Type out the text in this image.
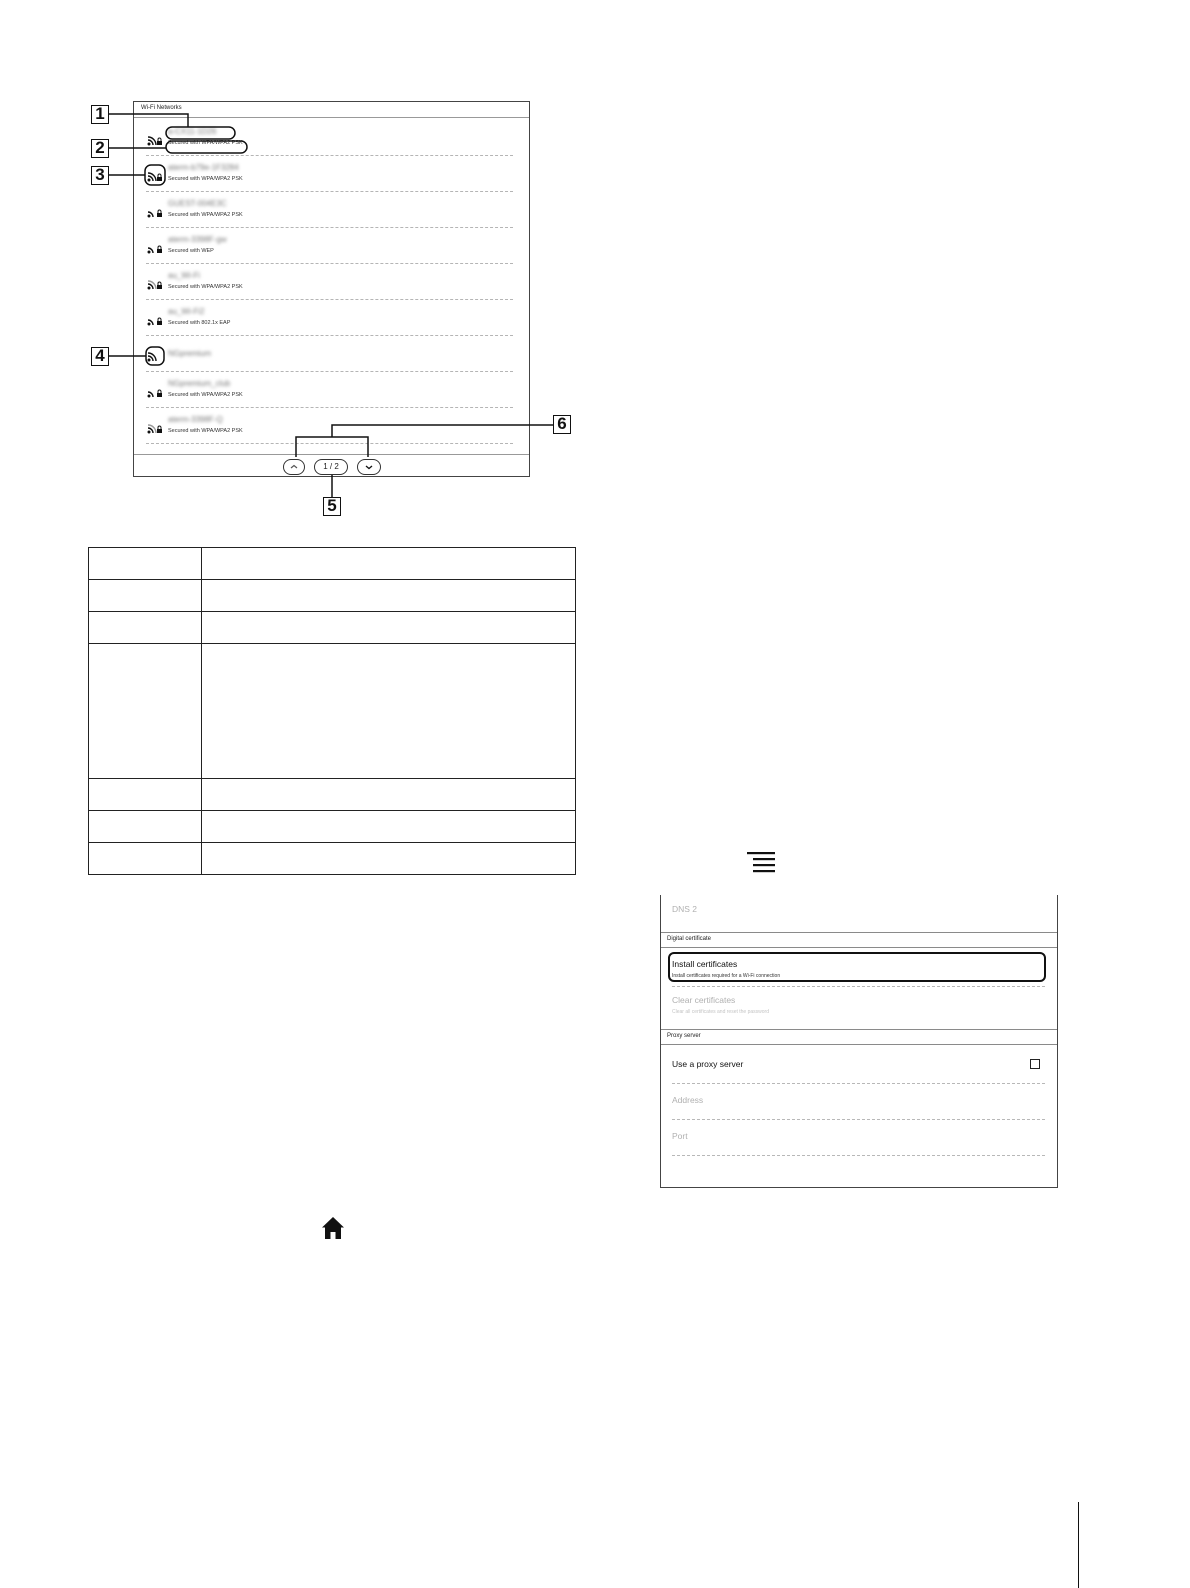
Wi-Fi Networks
a-CX11-1D26
Secured with WPA/WPA2 PSK
aterm-b79e-1F3284
Secured with WPA/WPA2 PSK
GUEST-004E3C
Secured with WPA/WPA2 PSK
aterm-3398F-gw
Secured with WEP
au_Wi-Fi
Secured with WPA/WPA2 PSK
au_Wi-Fi2
Secured with 802.1x EAP
NGpremium
NGpremium_club
Secured with WPA/WPA2 PSK
aterm-3398F-Q
Secured with WPA/WPA2 PSK
1 / 2
1
2
3
4
5
6

DNS 2
Digital certificate
Install certificates
Install certificates required for a Wi-Fi connection
Clear certificates
Clear all certificates and reset the password
Proxy server
Use a proxy server
Address
Port
